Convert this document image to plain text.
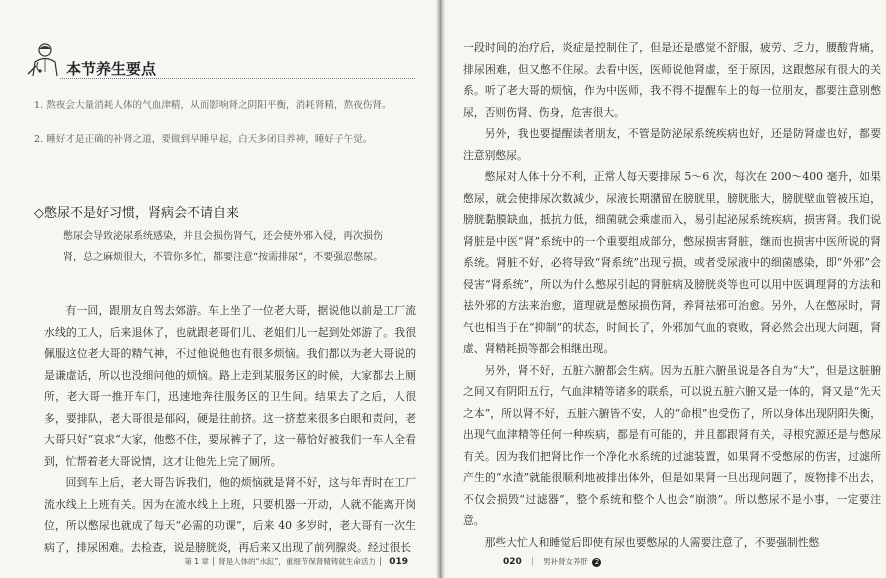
本节养生要点

1. 熬夜会大量消耗人体的气血津精，从而影响肾之阴阳平衡，消耗肾精，熬夜伤肾。

2. 睡好才是正确的补肾之道，要做到早睡早起，白天多闭目养神，睡好子午觉。

◇憋尿不是好习惯，肾病会不请自来

憋尿会导致泌尿系统感染，并且会损伤肾气，还会使外邪入侵，再次损伤肾，总之麻烦很大，不管你多忙，都要注意“按需排尿”，不要强忍憋尿。

有一回，跟朋友自驾去郊游。车上坐了一位老大哥，据说他以前是工厂流水线的工人，后来退休了，也就跟老哥们儿、老姐们儿一起到处郊游了。我很佩服这位老大哥的精气神，不过他说他也有很多烦恼。我们都以为老大哥说的是谦虚话，所以也没细问他的烦恼。路上走到某服务区的时候，大家都去上厕所，老大哥一推开车门，迅速地奔往服务区的卫生间。结果去了之后，人很多，要排队，老大哥很是郁闷，硬是往前挤。这一挤惹来很多白眼和责问，老大哥只好“哀求”大家，他憋不住，要尿裤子了，这一幕恰好被我们一车人全看到，忙帮着老大哥说情，这才让他先上完了厕所。

回到车上后，老大哥告诉我们，他的烦恼就是肾不好，这与年青时在工厂流水线上上班有关。因为在流水线上上班，只要机器一开动，人就不能离开岗位，所以憋尿也就成了每天“必需的功课”，后来 40 多岁时，老大哥有一次生病了，排尿困难。去检查，说是膀胱炎，再后来又出现了前列腺炎。经过很长

第 1 章 │ 肾是人体的“水缸”，重细节保肾精铸就生命活力 │ 019

一段时间的治疗后，炎症是控制住了，但是还是感觉不舒服，疲劳、乏力，腰酸背痛，排尿困难，但又憋不住尿。去看中医，医师说他肾虚，至于原因，这跟憋尿有很大的关系。听了老大哥的烦恼，作为中医师，我不得不提醒车上的每一位朋友，都要注意别憋尿，否则伤肾、伤身，危害很大。

另外，我也要提醒读者朋友，不管是防泌尿系统疾病也好，还是防肾虚也好，都要注意别憋尿。

憋尿对人体十分不利，正常人每天要排尿 5～6 次，每次在 200～400 毫升，如果憋尿，就会使排尿次数减少，尿液长期潴留在膀胱里，膀胱胀大，膀胱壁血管被压迫，膀胱黏膜缺血，抵抗力低，细菌就会乘虚而入，易引起泌尿系统疾病，损害肾。我们说肾脏是中医“肾”系统中的一个重要组成部分，憋尿损害肾脏，继而也损害中医所说的肾系统。肾脏不好，必将导致“肾系统”出现亏损，或者受尿液中的细菌感染，即“外邪”会侵害“肾系统”，所以为什么憋尿引起的肾脏病及膀胱炎等也可以用中医调理肾的方法和祛外邪的方法来治愈，道理就是憋尿损伤肾，养肾祛邪可治愈。另外，人在憋尿时，肾气也相当于在“抑制”的状态，时间长了，外邪加气血的衰败，肾必然会出现大问题，肾虚、肾精耗损等都会相继出现。

另外，肾不好，五脏六腑都会生病。因为五脏六腑虽说是各自为“大”，但是这脏腑之间又有阴阳五行，气血津精等诸多的联系，可以说五脏六腑又是一体的，肾又是“先天之本”，所以肾不好，五脏六腑皆不安，人的“命根”也受伤了，所以身体出现阴阳失衡，出现气血津精等任何一种疾病，都是有可能的，并且都跟肾有关，寻根究源还是与憋尿有关。因为我们把肾比作一个净化水系统的过滤装置，如果肾不受憋尿的伤害，过滤所产生的“水渣”就能很顺利地被排出体外，但是如果肾一旦出现问题了，废物排不出去，不仅会损毁“过滤器”，整个系统和整个人也会“崩溃”。所以憋尿不是小事，一定要注意。

那些大忙人和睡觉后即使有尿也要憋尿的人需要注意了，不要强制性憋

020 │ 男补肾女养肝 2
